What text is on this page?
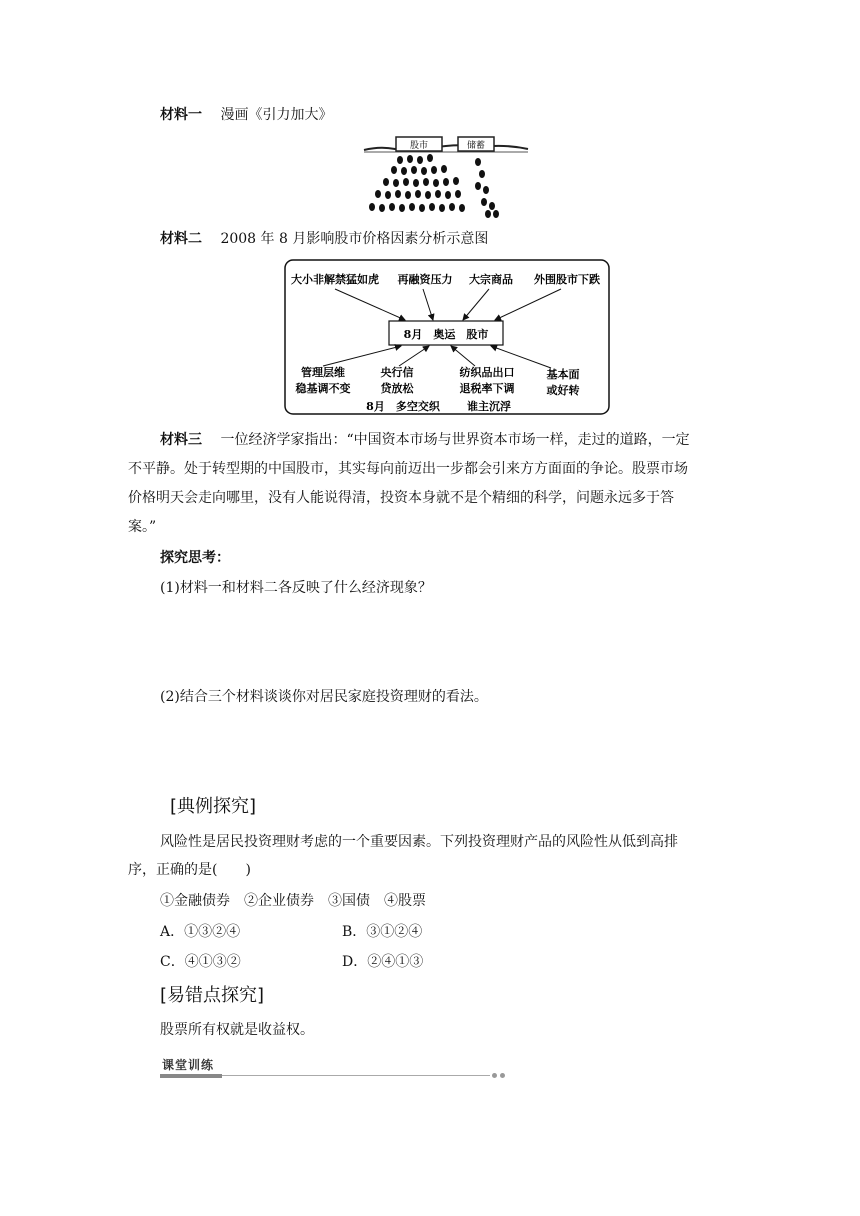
材料一 漫画《引力加大》
股市	储蓄
材料二 2008 年 8 月影响股市价格因素分析示意图
8月　奥运　股市
大小非解禁猛如虎 再融资压力 大宗商品 外围股市下跌
管理层维
稳基调不变
央行信
贷放松
纺织品出口
退税率下调
基本面
或好转
8月　多空交织 谁主沉浮
材料三 一位经济学家指出：“中国资本市场与世界资本市场一样，走过的道路，一定
不平静。处于转型期的中国股市，其实每向前迈出一步都会引来方方面面的争论。股票市场
价格明天会走向哪里，没有人能说得清，投资本身就不是个精细的科学，问题永远多于答
案。”
探究思考：
(1)材料一和材料二各反映了什么经济现象？
(2)结合三个材料谈谈你对居民家庭投资理财的看法。
[典例探究]
风险性是居民投资理财考虑的一个重要因素。下列投资理财产品的风险性从低到高排
序，正确的是(　　)
①金融债券　②企业债券　③国债　④股票
A．①③②④	B．③①②④
C．④①③②	D．②④①③
[易错点探究]
股票所有权就是收益权。
课堂训练
